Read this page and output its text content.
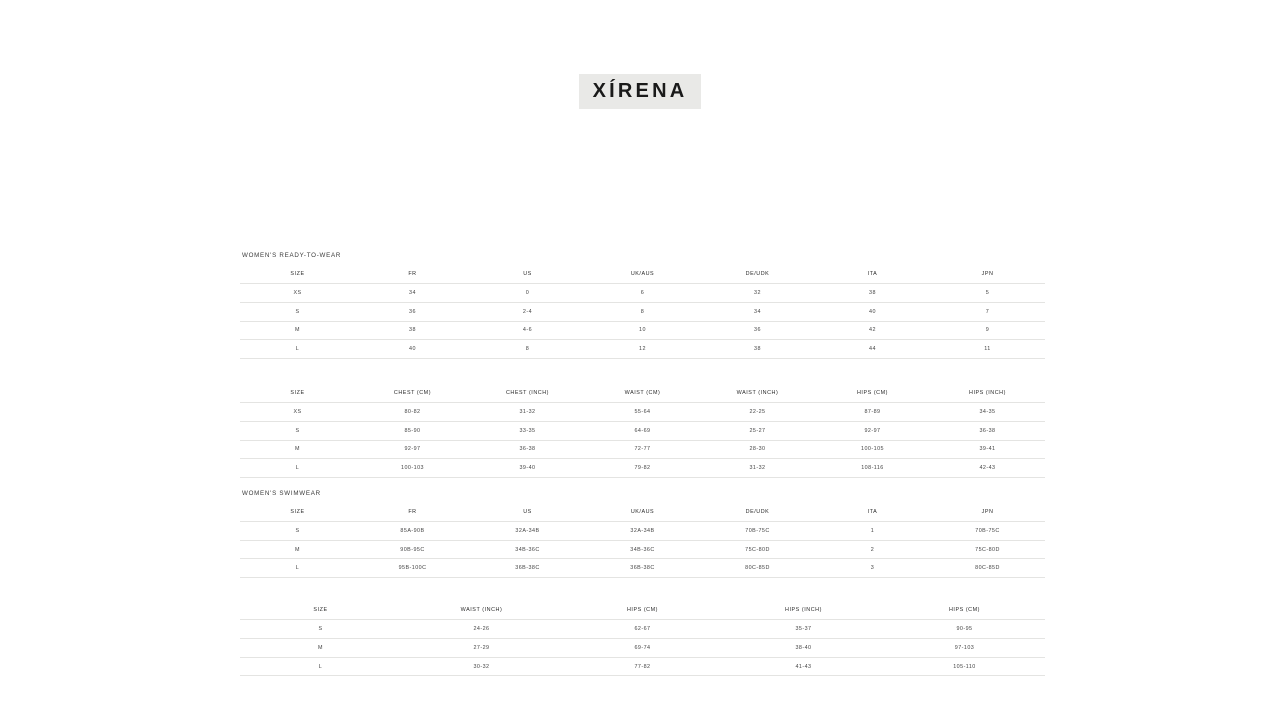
XÍRENA
WOMEN'S READY-TO-WEAR
SIZE	FR	US	UK/AUS	DE/UDK	ITA	JPN
XS	34	0	6	32	38	5
S	36	2-4	8	34	40	7
M	38	4-6	10	36	42	9
L	40	8	12	38	44	11
SIZE	CHEST (CM)	CHEST (INCH)	WAIST (CM)	WAIST (INCH)	HIPS (CM)	HIPS (INCH)
XS	80-82	31-32	55-64	22-25	87-89	34-35
S	85-90	33-35	64-69	25-27	92-97	36-38
M	92-97	36-38	72-77	28-30	100-105	39-41
L	100-103	39-40	79-82	31-32	108-116	42-43
WOMEN'S SWIMWEAR
SIZE	FR	US	UK/AUS	DE/UDK	ITA	JPN
S	85A-90B	32A-34B	32A-34B	70B-75C	1	70B-75C
M	90B-95C	34B-36C	34B-36C	75C-80D	2	75C-80D
L	95B-100C	36B-38C	36B-38C	80C-85D	3	80C-85D
SIZE	WAIST (INCH)	HIPS (CM)	HIPS (INCH)	HIPS (CM)
S	24-26	62-67	35-37	90-95
M	27-29	69-74	38-40	97-103
L	30-32	77-82	41-43	105-110
